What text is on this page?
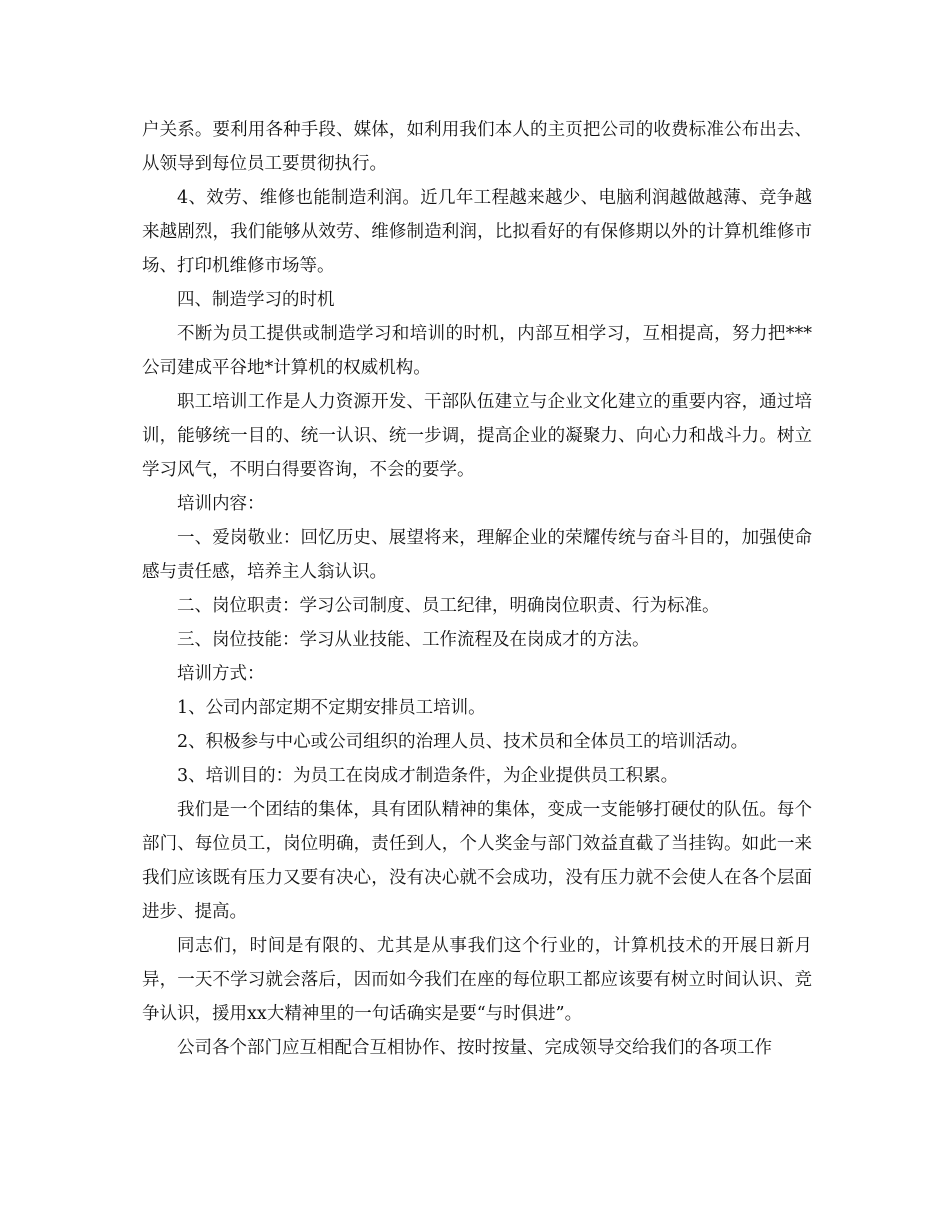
户关系。要利用各种手段、媒体，如利用我们本人的主页把公司的收费标准公布出去、从领导到每位员工要贯彻执行。

4、效劳、维修也能制造利润。近几年工程越来越少、电脑利润越做越薄、竞争越来越剧烈，我们能够从效劳、维修制造利润，比拟看好的有保修期以外的计算机维修市场、打印机维修市场等。

四、制造学习的时机

不断为员工提供或制造学习和培训的时机，内部互相学习，互相提高，努力把***公司建成平谷地*计算机的权威机构。

职工培训工作是人力资源开发、干部队伍建立与企业文化建立的重要内容，通过培训，能够统一目的、统一认识、统一步调，提高企业的凝聚力、向心力和战斗力。树立学习风气，不明白得要咨询，不会的要学。

培训内容：

一、爱岗敬业：回忆历史、展望将来，理解企业的荣耀传统与奋斗目的，加强使命感与责任感，培养主人翁认识。

二、岗位职责：学习公司制度、员工纪律，明确岗位职责、行为标准。

三、岗位技能：学习从业技能、工作流程及在岗成才的方法。

培训方式：

1、公司内部定期不定期安排员工培训。

2、积极参与中心或公司组织的治理人员、技术员和全体员工的培训活动。

3、培训目的：为员工在岗成才制造条件，为企业提供员工积累。

我们是一个团结的集体，具有团队精神的集体，变成一支能够打硬仗的队伍。每个部门、每位员工，岗位明确，责任到人，个人奖金与部门效益直截了当挂钩。如此一来我们应该既有压力又要有决心，没有决心就不会成功，没有压力就不会使人在各个层面进步、提高。

同志们，时间是有限的、尤其是从事我们这个行业的，计算机技术的开展日新月异，一天不学习就会落后，因而如今我们在座的每位职工都应该要有树立时间认识、竞争认识，援用xx大精神里的一句话确实是要“与时俱进”。

公司各个部门应互相配合互相协作、按时按量、完成领导交给我们的各项工作
